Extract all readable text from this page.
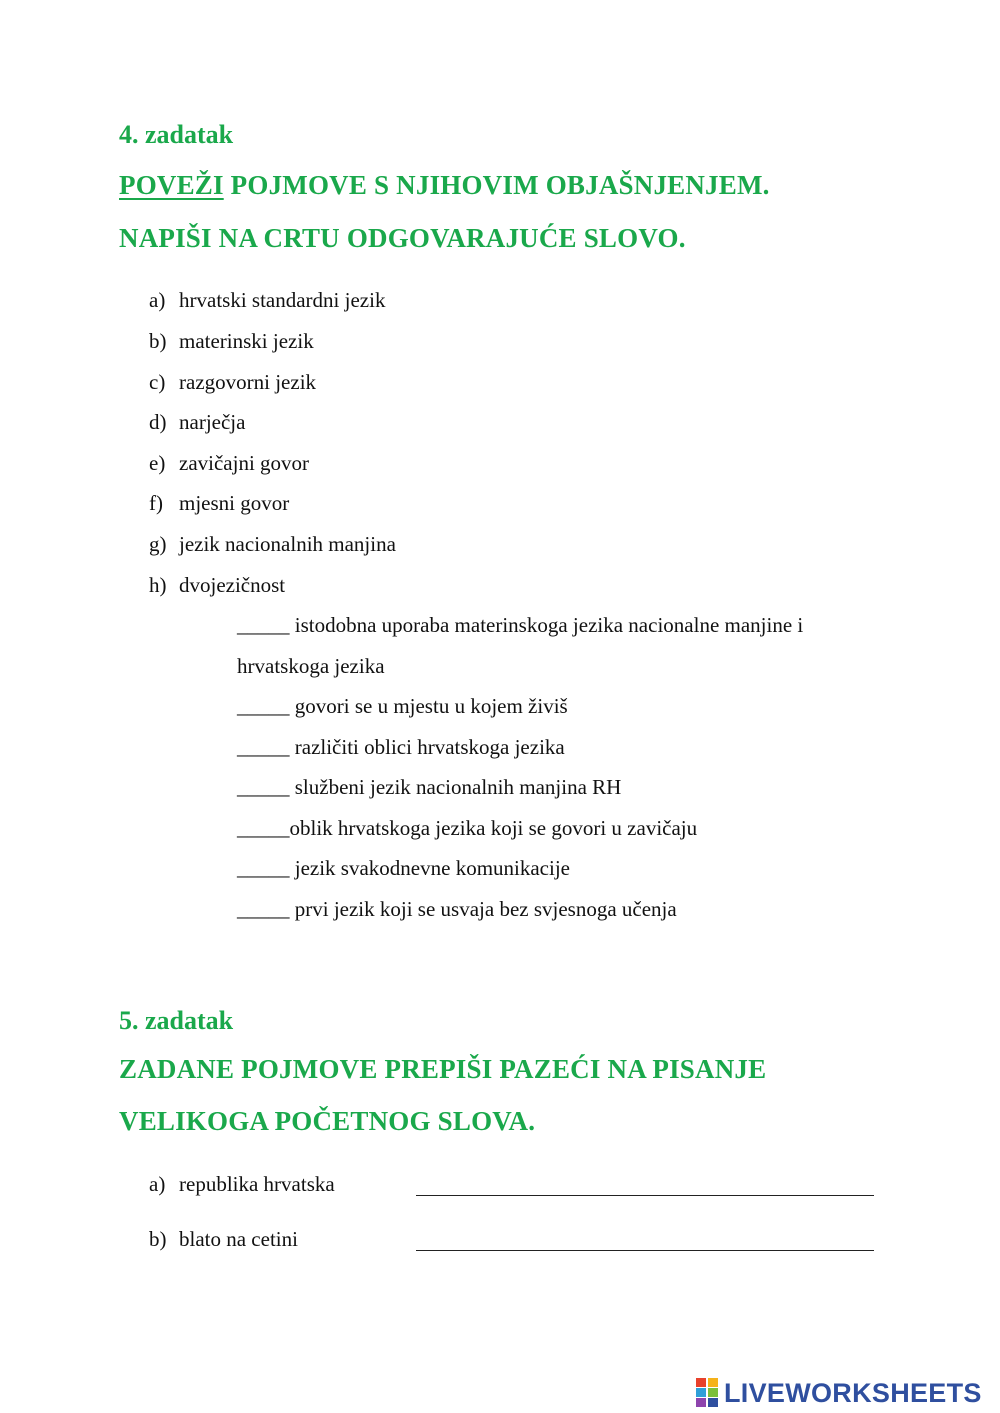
4. zadatak
POVEŽI POJMOVE S NJIHOVIM OBJAŠNJENJEM.
NAPIŠI NA CRTU ODGOVARAJUĆE SLOVO.
a) hrvatski standardni jezik
b) materinski jezik
c) razgovorni jezik
d) narječja
e) zavičajni govor
f) mjesni govor
g) jezik nacionalnih manjina
h) dvojezičnost
_____ istodobna uporaba materinskoga jezika nacionalne manjine i
hrvatskoga jezika
_____ govori se u mjestu u kojem živiš
_____ različiti oblici hrvatskoga jezika
_____ službeni jezik nacionalnih manjina RH
_____oblik hrvatskoga jezika koji se govori u zavičaju
_____ jezik svakodnevne komunikacije
_____ prvi jezik koji se usvaja bez svjesnoga učenja
5. zadatak
ZADANE POJMOVE PREPIŠI PAZEĆI NA PISANJE
VELIKOGA POČETNOG SLOVA.
a) republika hrvatska
b) blato na cetini
LIVEWORKSHEETS
